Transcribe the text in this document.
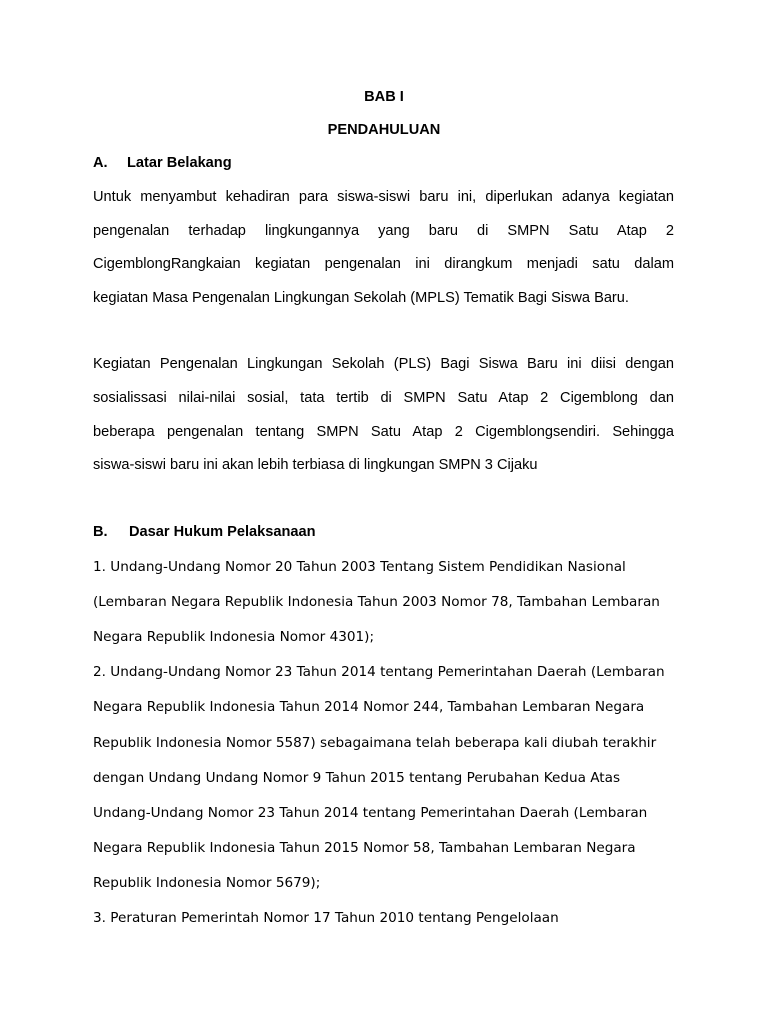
BAB I
PENDAHULUAN
A. Latar Belakang
Untuk menyambut kehadiran para siswa-siswi baru ini, diperlukan adanya kegiatan
pengenalan terhadap lingkungannya yang baru di SMPN Satu Atap 2
CigemblongRangkaian kegiatan pengenalan ini dirangkum menjadi satu dalam
kegiatan Masa Pengenalan Lingkungan Sekolah (MPLS) Tematik Bagi Siswa Baru.
Kegiatan Pengenalan Lingkungan Sekolah (PLS) Bagi Siswa Baru ini diisi dengan
sosialissasi nilai-nilai sosial, tata tertib di SMPN Satu Atap 2 Cigemblong dan
beberapa pengenalan tentang SMPN Satu Atap 2 Cigemblongsendiri. Sehingga
siswa-siswi baru ini akan lebih terbiasa di lingkungan SMPN 3 Cijaku
B. Dasar Hukum Pelaksanaan
1. Undang-Undang Nomor 20 Tahun 2003 Tentang Sistem Pendidikan Nasional
(Lembaran Negara Republik Indonesia Tahun 2003 Nomor 78, Tambahan Lembaran
Negara Republik Indonesia Nomor 4301);
2. Undang-Undang Nomor 23 Tahun 2014 tentang Pemerintahan Daerah (Lembaran
Negara Republik Indonesia Tahun 2014 Nomor 244, Tambahan Lembaran Negara
Republik Indonesia Nomor 5587) sebagaimana telah beberapa kali diubah terakhir
dengan Undang Undang Nomor 9 Tahun 2015 tentang Perubahan Kedua Atas
Undang-Undang Nomor 23 Tahun 2014 tentang Pemerintahan Daerah (Lembaran
Negara Republik Indonesia Tahun 2015 Nomor 58, Tambahan Lembaran Negara
Republik Indonesia Nomor 5679);
3. Peraturan Pemerintah Nomor 17 Tahun 2010 tentang Pengelolaan
